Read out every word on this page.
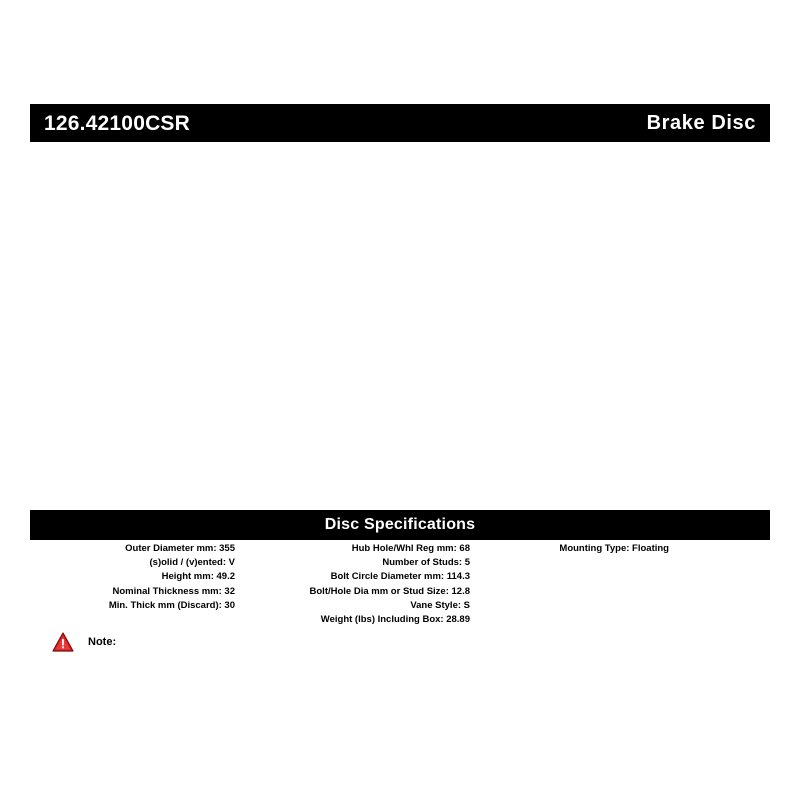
126.42100CSR	Brake Disc
Disc Specifications
Outer Diameter mm: 355
(s)olid / (v)ented: V
Height mm: 49.2
Nominal Thickness mm: 32
Min. Thick mm (Discard): 30
Hub Hole/Whl Reg mm: 68
Number of Studs: 5
Bolt Circle Diameter mm: 114.3
Bolt/Hole Dia mm or Stud Size: 12.8
Vane Style: S
Weight (lbs) Including Box: 28.89
Mounting Type: Floating
Note:
